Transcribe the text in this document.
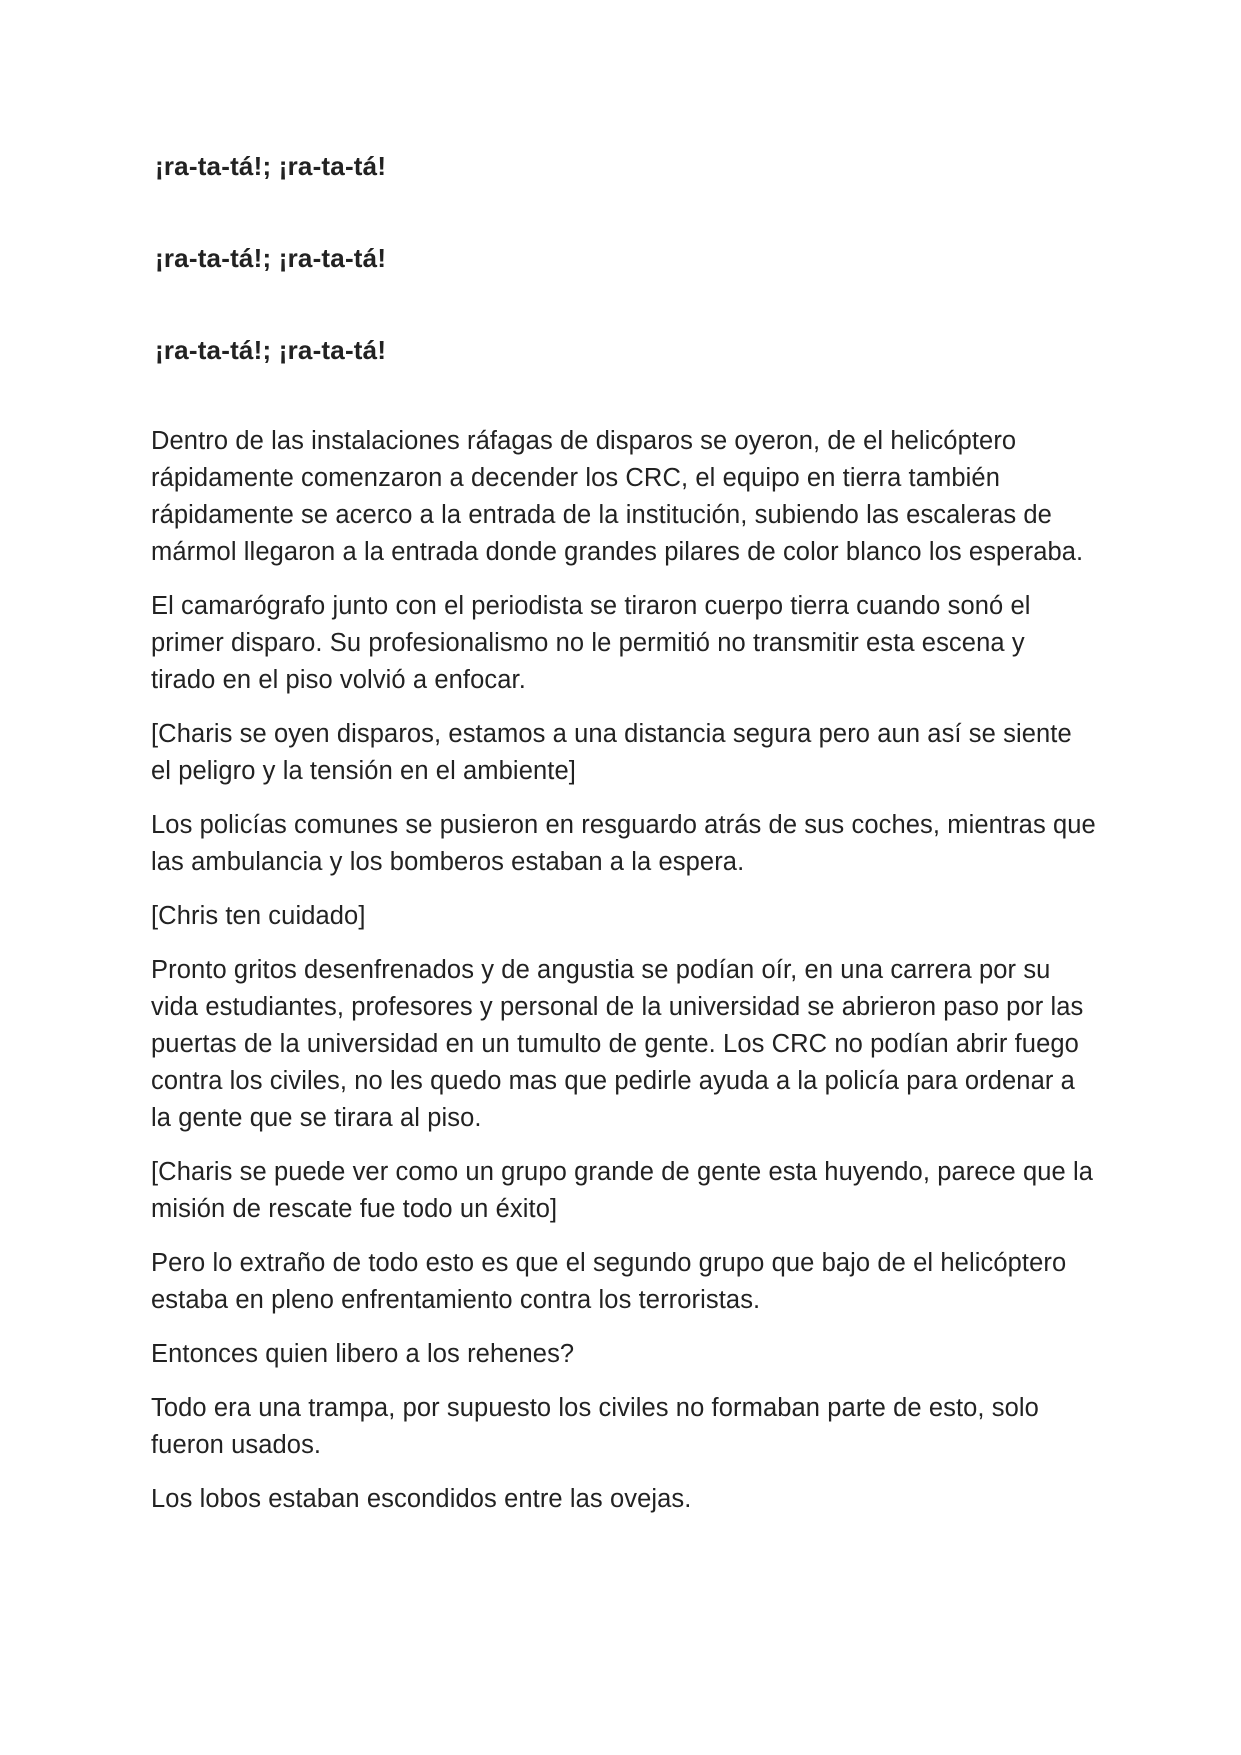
¡ra-ta-tá!; ¡ra-ta-tá!

¡ra-ta-tá!; ¡ra-ta-tá!

¡ra-ta-tá!; ¡ra-ta-tá!

Dentro de las instalaciones ráfagas de disparos se oyeron, de el helicóptero rápidamente comenzaron a decender los CRC, el equipo en tierra también rápidamente se acerco a la entrada de la institución, subiendo las escaleras de mármol llegaron a la entrada donde grandes pilares de color blanco los esperaba.

El camarógrafo junto con el periodista se tiraron cuerpo tierra cuando sonó el primer disparo. Su profesionalismo no le permitió no transmitir esta escena y tirado en el piso volvió a enfocar.

[Charis se oyen disparos, estamos a una distancia segura pero aun así se siente el peligro y la tensión en el ambiente]

Los policías comunes se pusieron en resguardo atrás de sus coches, mientras que las ambulancia y los bomberos estaban a la espera.

[Chris ten cuidado]

Pronto gritos desenfrenados y de angustia se podían oír, en una carrera por su vida estudiantes, profesores y personal de la universidad se abrieron paso por las puertas de la universidad en un tumulto de gente. Los CRC no podían abrir fuego contra los civiles, no les quedo mas que pedirle ayuda a la policía para ordenar a la gente que se tirara al piso.

[Charis se puede ver como un grupo grande de gente esta huyendo, parece que la misión de rescate fue todo un éxito]

Pero lo extraño de todo esto es que el segundo grupo que bajo de el helicóptero estaba en pleno enfrentamiento contra los terroristas.

Entonces quien libero a los rehenes?

Todo era una trampa, por supuesto los civiles no formaban parte de esto, solo fueron usados.

Los lobos estaban escondidos entre las ovejas.
